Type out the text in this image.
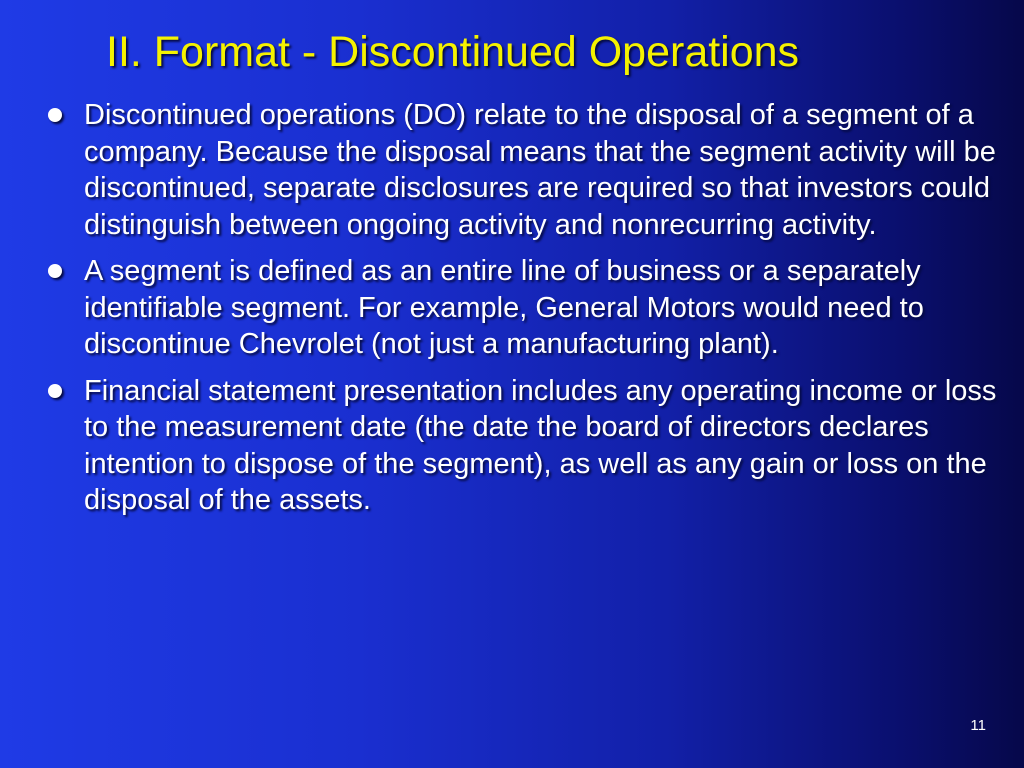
II. Format - Discontinued Operations
Discontinued operations (DO) relate to the disposal of a segment of a company. Because the disposal means that the segment activity will be discontinued, separate disclosures are required so that investors could distinguish between ongoing activity and nonrecurring activity.
A segment is defined as an entire line of business or a separately identifiable segment. For example, General Motors would need to discontinue Chevrolet (not just a manufacturing plant).
Financial statement presentation includes any operating income or loss to the measurement date (the date the board of directors declares intention to dispose of the segment), as well as any gain or loss on the disposal of the assets.
11
